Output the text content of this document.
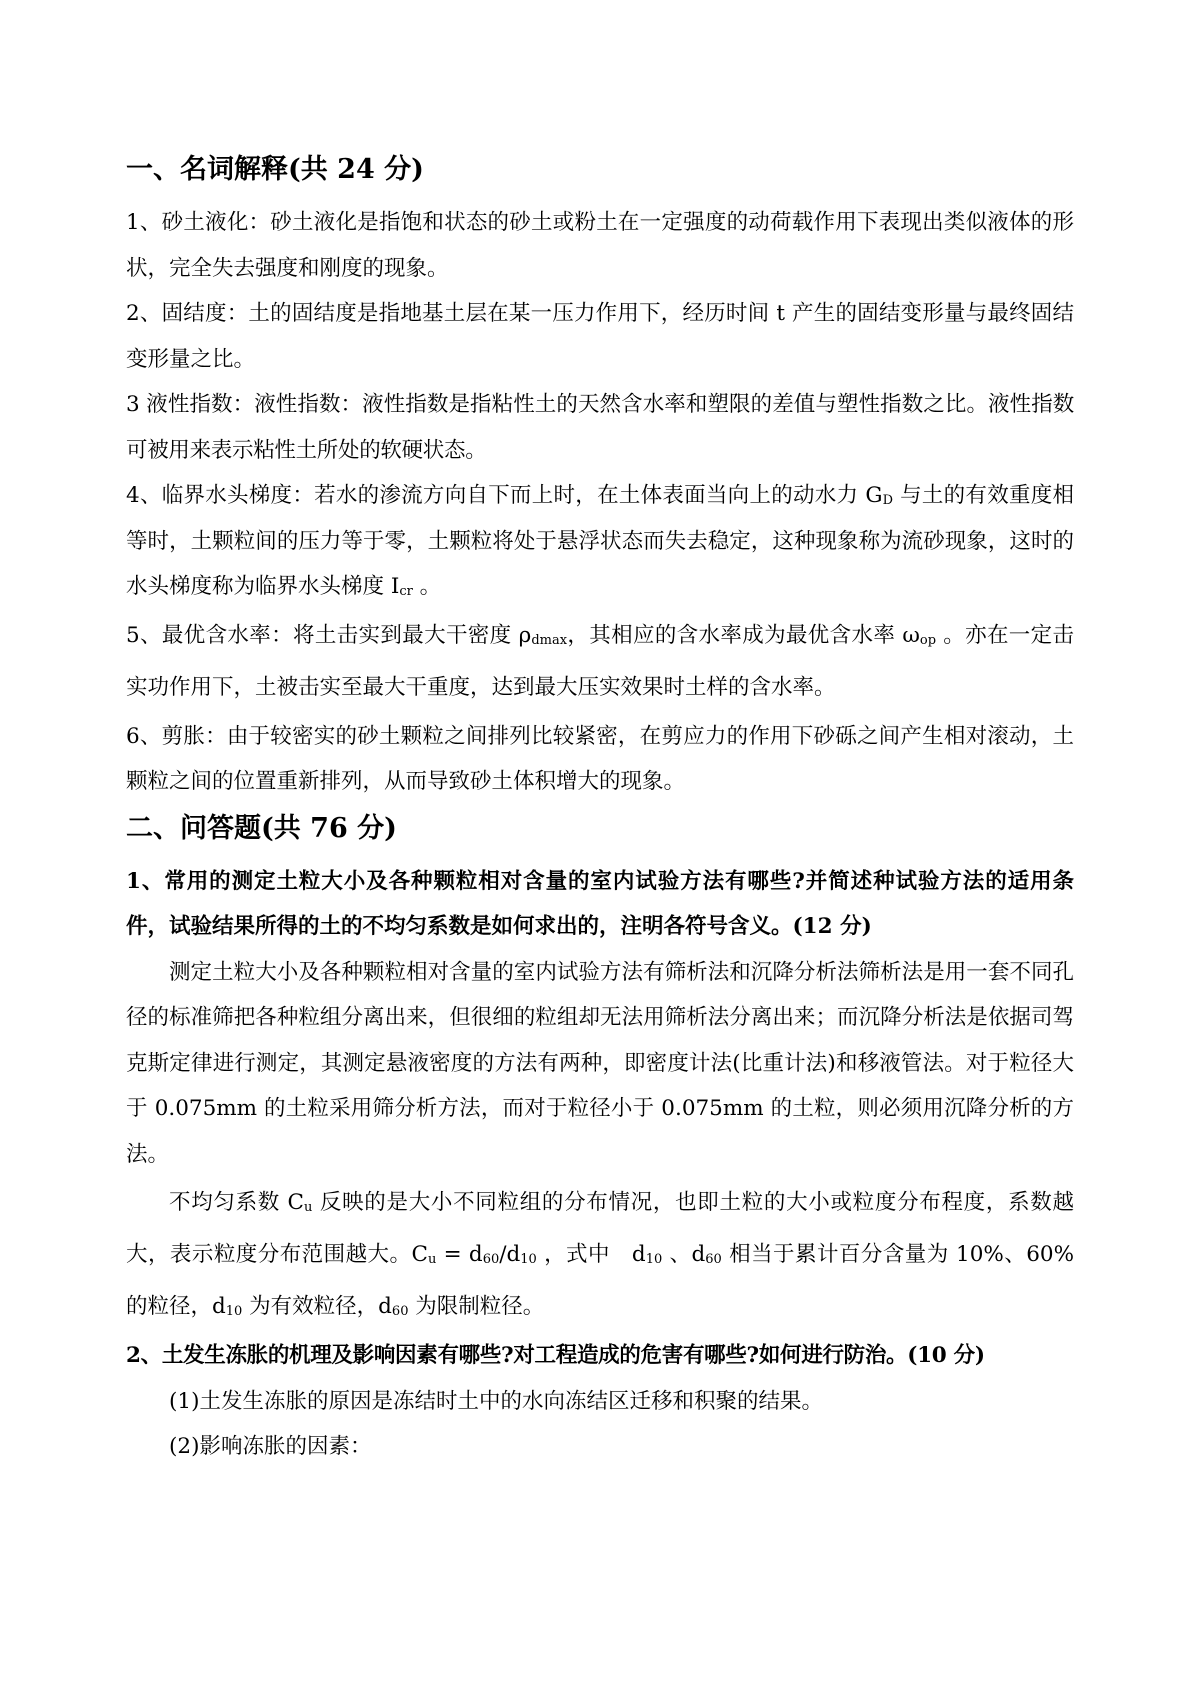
一、名词解释(共 24 分)

1、砂土液化：砂土液化是指饱和状态的砂土或粉土在一定强度的动荷载作用下表现出类似液体的形状，完全失去强度和刚度的现象。

2、固结度：土的固结度是指地基土层在某一压力作用下，经历时间 t 产生的固结变形量与最终固结变形量之比。

3 液性指数：液性指数：液性指数是指粘性土的天然含水率和塑限的差值与塑性指数之比。液性指数可被用来表示粘性土所处的软硬状态。

4、临界水头梯度：若水的渗流方向自下而上时，在土体表面当向上的动水力 GD 与土的有效重度相等时，土颗粒间的压力等于零，土颗粒将处于悬浮状态而失去稳定，这种现象称为流砂现象，这时的水头梯度称为临界水头梯度 Icr 。

5、最优含水率：将土击实到最大干密度 ρdmax，其相应的含水率成为最优含水率 ωop 。亦在一定击实功作用下，土被击实至最大干重度，达到最大压实效果时土样的含水率。

6、剪胀：由于较密实的砂土颗粒之间排列比较紧密，在剪应力的作用下砂砾之间产生相对滚动，土颗粒之间的位置重新排列，从而导致砂土体积增大的现象。

二、问答题(共 76 分)

1、常用的测定土粒大小及各种颗粒相对含量的室内试验方法有哪些?并简述种试验方法的适用条件，试验结果所得的土的不均匀系数是如何求出的，注明各符号含义。(12 分)

测定土粒大小及各种颗粒相对含量的室内试验方法有筛析法和沉降分析法筛析法是用一套不同孔径的标准筛把各种粒组分离出来，但很细的粒组却无法用筛析法分离出来；而沉降分析法是依据司驾克斯定律进行测定，其测定悬液密度的方法有两种，即密度计法(比重计法)和移液管法。对于粒径大于 0.075mm 的土粒采用筛分析方法，而对于粒径小于 0.075mm 的土粒，则必须用沉降分析的方法。

不均匀系数 Cu 反映的是大小不同粒组的分布情况，也即土粒的大小或粒度分布程度，系数越大，表示粒度分布范围越大。Cu = d60/d10 ，式中　d10 、d60 相当于累计百分含量为 10%、60%的粒径，d10 为有效粒径，d60 为限制粒径。

2、土发生冻胀的机理及影响因素有哪些?对工程造成的危害有哪些?如何进行防治。(10 分)

(1)土发生冻胀的原因是冻结时土中的水向冻结区迁移和积聚的结果。

(2)影响冻胀的因素：
